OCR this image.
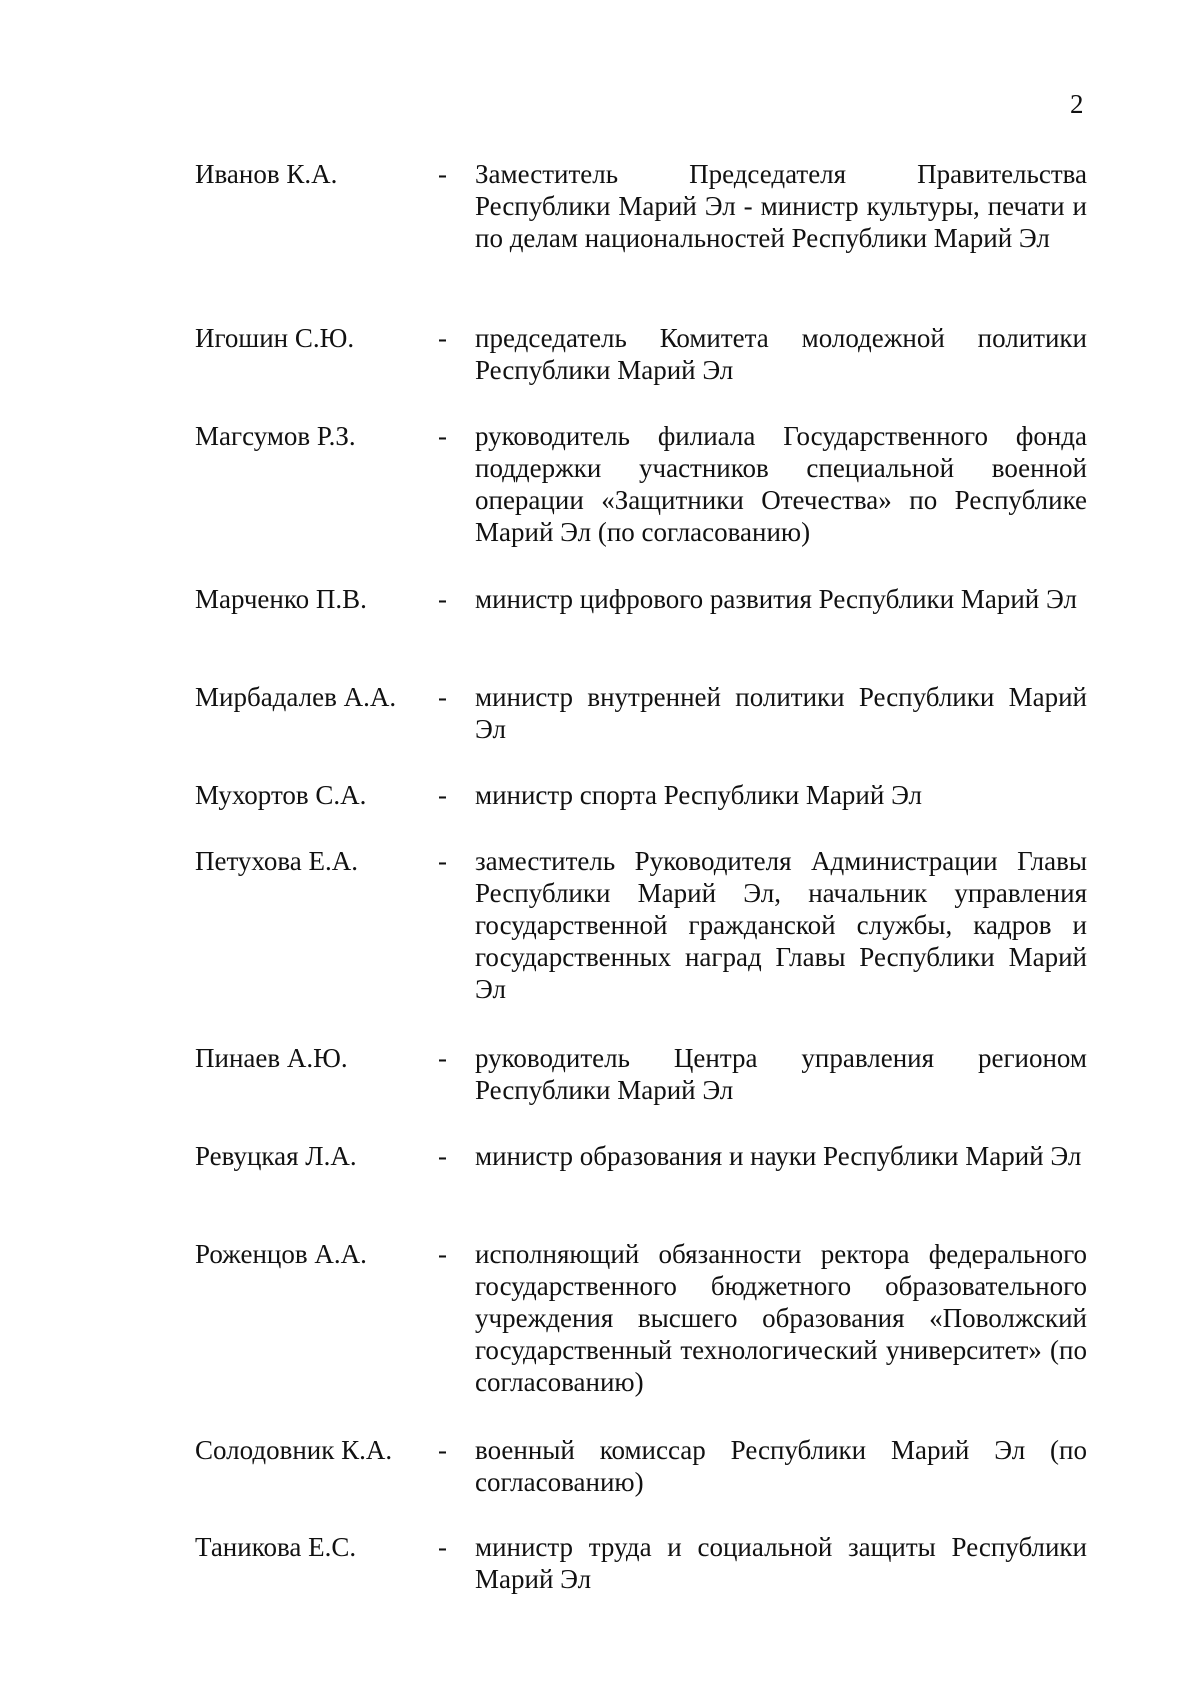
2
Иванов К.А.	- Заместитель Председателя Правительства Республики Марий Эл - министр культуры, печати и по делам национальностей Республики Марий Эл
Игошин С.Ю.	- председатель Комитета молодежной политики Республики Марий Эл
Магсумов Р.З.	- руководитель филиала Государственного фонда поддержки участников специальной военной операции «Защитники Отечества» по Республике Марий Эл (по согласованию)
Марченко П.В.	- министр цифрового развития Республики Марий Эл
Мирбадалев А.А. - министр внутренней политики Республики Марий Эл
Мухортов С.А.	- министр спорта Республики Марий Эл
Петухова Е.А.	- заместитель Руководителя Администрации Главы Республики Марий Эл, начальник управления государственной гражданской службы, кадров и государственных наград Главы Республики Марий Эл
Пинаев А.Ю.	- руководитель Центра управления регионом Республики Марий Эл
Ревуцкая Л.А.	- министр образования и науки Республики Марий Эл
Роженцов А.А.	- исполняющий обязанности ректора федерального государственного бюджетного образовательного учреждения высшего образования «Поволжский государственный технологический университет» (по согласованию)
Солодовник К.А. - военный комиссар Республики Марий Эл (по согласованию)
Таникова Е.С.	- министр труда и социальной защиты Республики Марий Эл
